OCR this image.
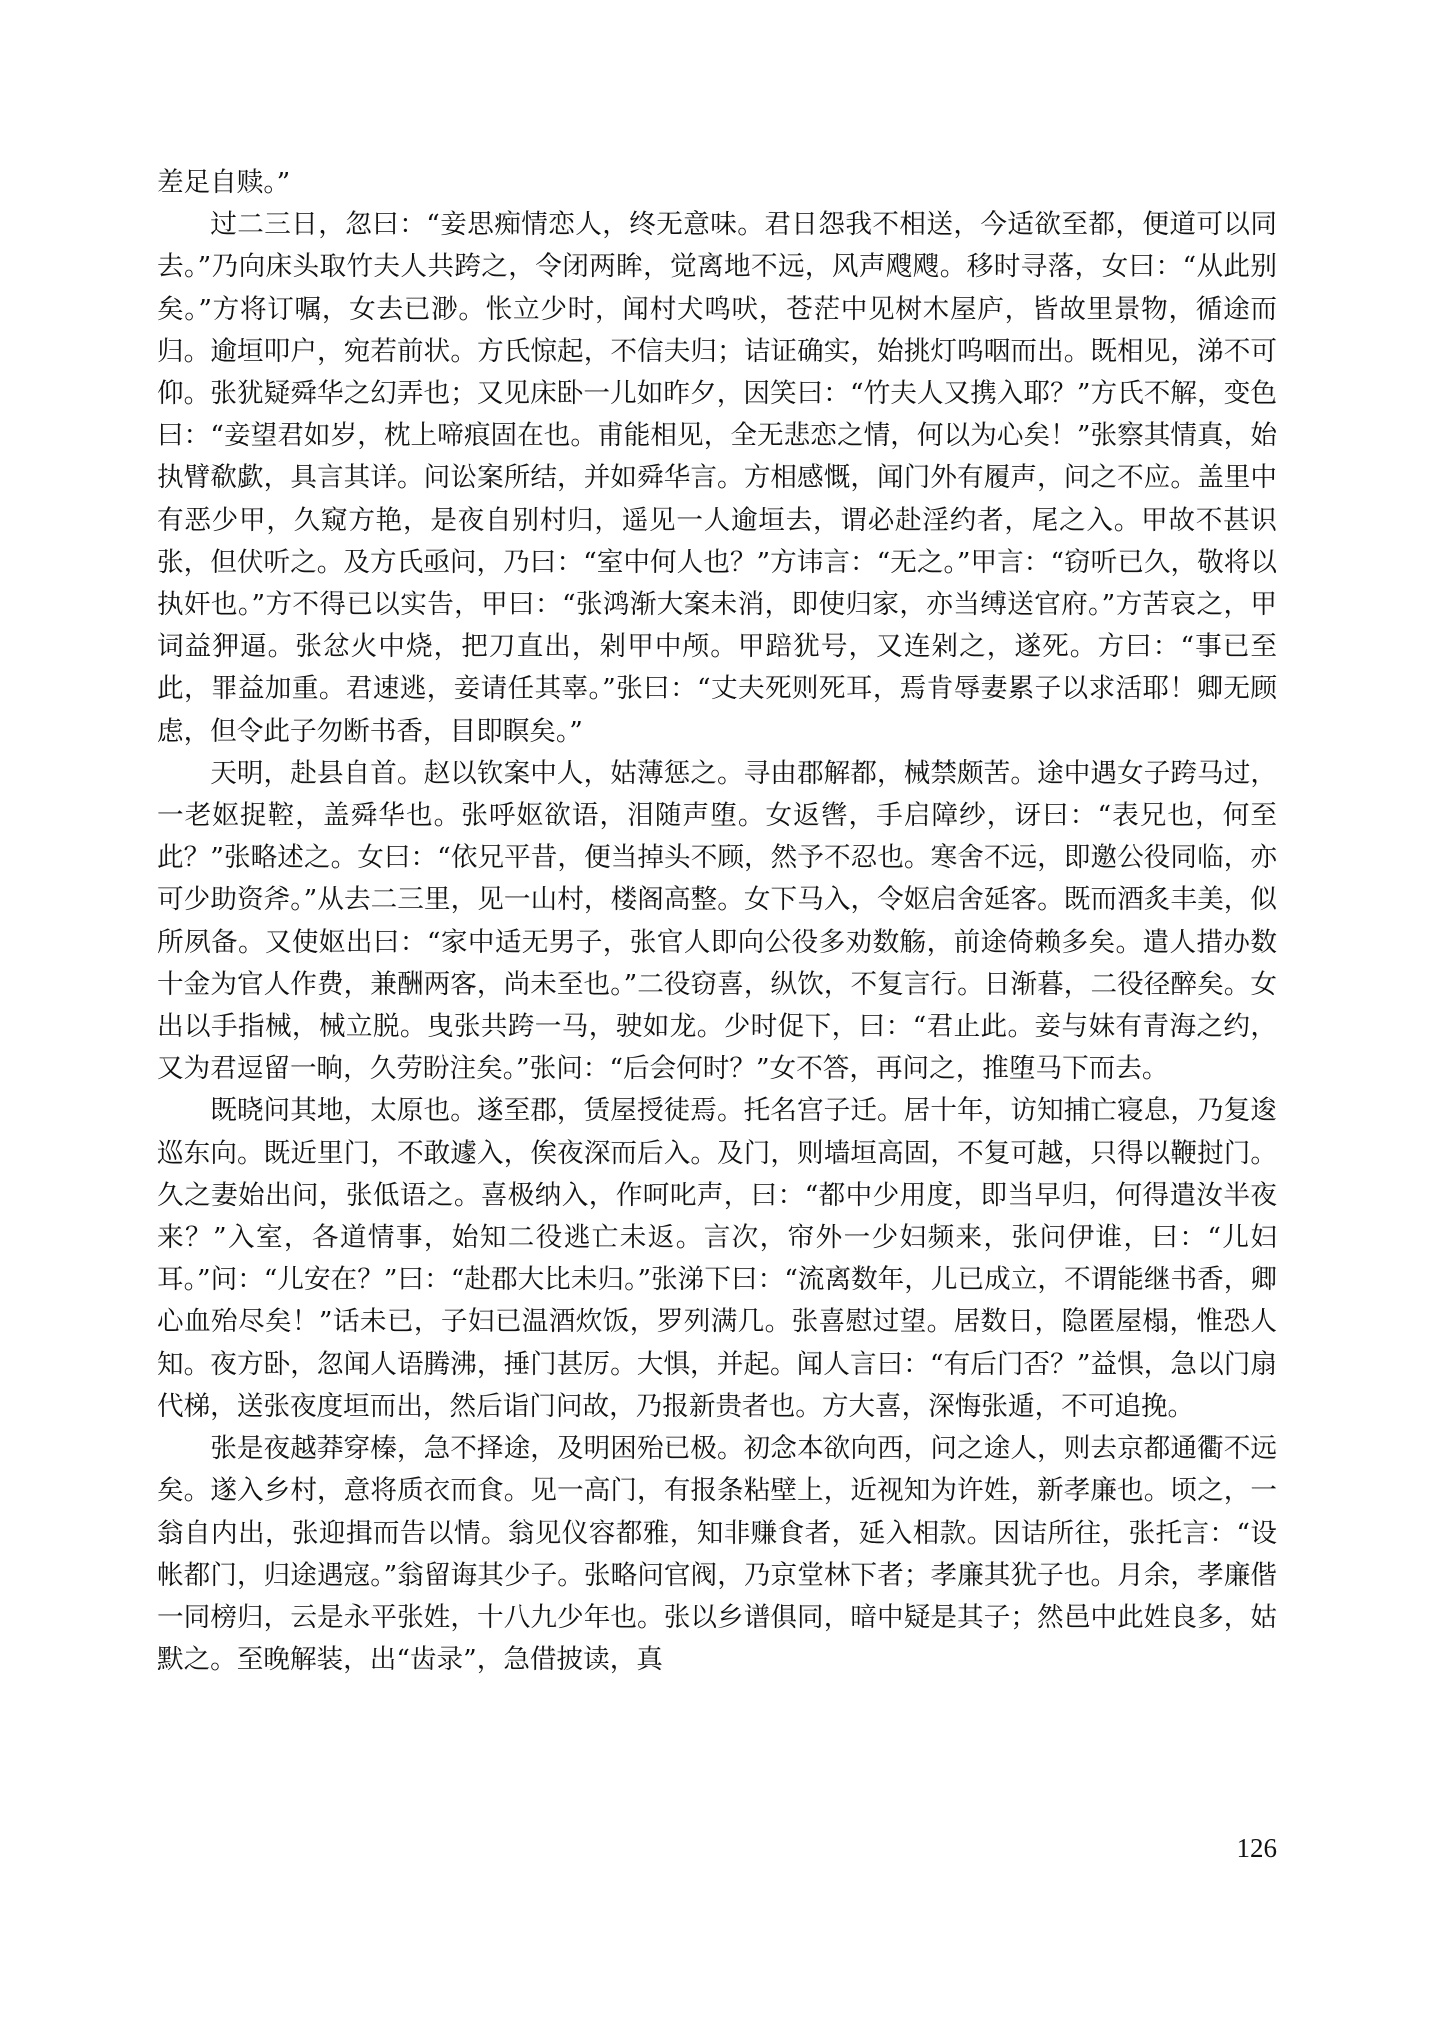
差足自赎。”

过二三日，忽曰：“妾思痴情恋人，终无意味。君日怨我不相送，今适欲至都，便道可以同去。”乃向床头取竹夫人共跨之，令闭两眸，觉离地不远，风声飕飕。移时寻落，女曰：“从此别矣。”方将订嘱，女去已渺。怅立少时，闻村犬鸣吠，苍茫中见树木屋庐，皆故里景物，循途而归。逾垣叩户，宛若前状。方氏惊起，不信夫归；诘证确实，始挑灯呜咽而出。既相见，涕不可仰。张犹疑舜华之幻弄也；又见床卧一儿如昨夕，因笑曰：“竹夫人又携入耶？”方氏不解，变色曰：“妾望君如岁，枕上啼痕固在也。甫能相见，全无悲恋之情，何以为心矣！”张察其情真，始执臂欷歔，具言其详。问讼案所结，并如舜华言。方相感慨，闻门外有履声，问之不应。盖里中有恶少甲，久窥方艳，是夜自别村归，遥见一人逾垣去，谓必赴淫约者，尾之入。甲故不甚识张，但伏听之。及方氏亟问，乃曰：“室中何人也？”方讳言：“无之。”甲言：“窃听已久，敬将以执奸也。”方不得已以实告，甲曰：“张鸿渐大案未消，即使归家，亦当缚送官府。”方苦哀之，甲词益狎逼。张忿火中烧，把刀直出，剁甲中颅。甲踣犹号，又连剁之，遂死。方曰：“事已至此，罪益加重。君速逃，妾请任其辜。”张曰：“丈夫死则死耳，焉肯辱妻累子以求活耶！卿无顾虑，但令此子勿断书香，目即瞑矣。”

天明，赴县自首。赵以钦案中人，姑薄惩之。寻由郡解都，械禁颇苦。途中遇女子跨马过，一老妪捉鞚，盖舜华也。张呼妪欲语，泪随声堕。女返辔，手启障纱，讶曰：“表兄也，何至此？”张略述之。女曰：“依兄平昔，便当掉头不顾，然予不忍也。寒舍不远，即邀公役同临，亦可少助资斧。”从去二三里，见一山村，楼阁高整。女下马入，令妪启舍延客。既而酒炙丰美，似所夙备。又使妪出曰：“家中适无男子，张官人即向公役多劝数觞，前途倚赖多矣。遣人措办数十金为官人作费，兼酬两客，尚未至也。”二役窃喜，纵饮，不复言行。日渐暮，二役径醉矣。女出以手指械，械立脱。曳张共跨一马，驶如龙。少时促下，曰：“君止此。妾与妹有青海之约，又为君逗留一晌，久劳盼注矣。”张问：“后会何时？”女不答，再问之，推堕马下而去。

既晓问其地，太原也。遂至郡，赁屋授徒焉。托名宫子迁。居十年，访知捕亡寝息，乃复逡巡东向。既近里门，不敢遽入，俟夜深而后入。及门，则墙垣高固，不复可越，只得以鞭挝门。久之妻始出问，张低语之。喜极纳入，作呵叱声，曰：“都中少用度，即当早归，何得遣汝半夜来？”入室，各道情事，始知二役逃亡未返。言次，帘外一少妇频来，张问伊谁，曰：“儿妇耳。”问：“儿安在？”曰：“赴郡大比未归。”张涕下曰：“流离数年，儿已成立，不谓能继书香，卿心血殆尽矣！”话未已，子妇已温酒炊饭，罗列满几。张喜慰过望。居数日，隐匿屋榻，惟恐人知。夜方卧，忽闻人语腾沸，捶门甚厉。大惧，并起。闻人言曰：“有后门否？”益惧，急以门扇代梯，送张夜度垣而出，然后诣门问故，乃报新贵者也。方大喜，深悔张遁，不可追挽。

张是夜越莽穿榛，急不择途，及明困殆已极。初念本欲向西，问之途人，则去京都通衢不远矣。遂入乡村，意将质衣而食。见一高门，有报条粘壁上，近视知为许姓，新孝廉也。顷之，一翁自内出，张迎揖而告以情。翁见仪容都雅，知非赚食者，延入相款。因诘所往，张托言：“设帐都门，归途遇寇。”翁留诲其少子。张略问官阀，乃京堂林下者；孝廉其犹子也。月余，孝廉偕一同榜归，云是永平张姓，十八九少年也。张以乡谱俱同，暗中疑是其子；然邑中此姓良多，姑默之。至晚解装，出“齿录”，急借披读，真

126
